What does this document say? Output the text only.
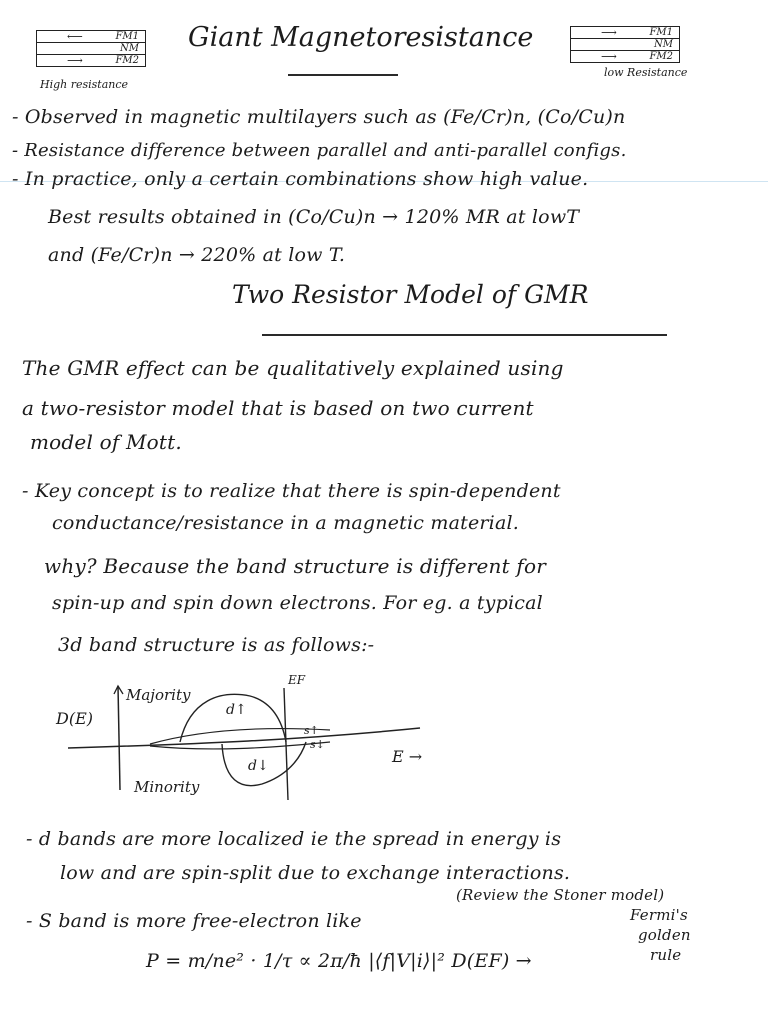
⟵	FM1
NM
⟶	FM2
High resistance
Giant Magnetoresistance	⟶	FM1
NM
⟶	FM2
low Resistance
- Observed in magnetic multilayers such as (Fe/Cr)n, (Co/Cu)n
- Resistance difference between parallel and anti-parallel configs.
- In practice, only a certain combinations show high value.
Best results obtained in (Co/Cu)n → 120% MR at lowT
and (Fe/Cr)n → 220% at low T.
Two Resistor Model of GMR
The GMR effect can be qualitatively explained using
a two-resistor model that is based on two current
model of Mott.
- Key concept is to realize that there is spin-dependent
conductance/resistance in a magnetic material.
why? Because the band structure is different for
spin-up and spin down electrons. For eg. a typical
3d band structure is as follows:-
D(E)
EF
Majority
Minority
d↑
d↓
s↑
s↓
E →
- d bands are more localized ie the spread in energy is
low and are spin-split due to exchange interactions.
(Review the Stoner model)
- S band is more free-electron like
P = m/ne² · 1/τ ∝ 2π/ħ |⟨f|V|i⟩|² D(EF) →
Fermi's
golden
rule
